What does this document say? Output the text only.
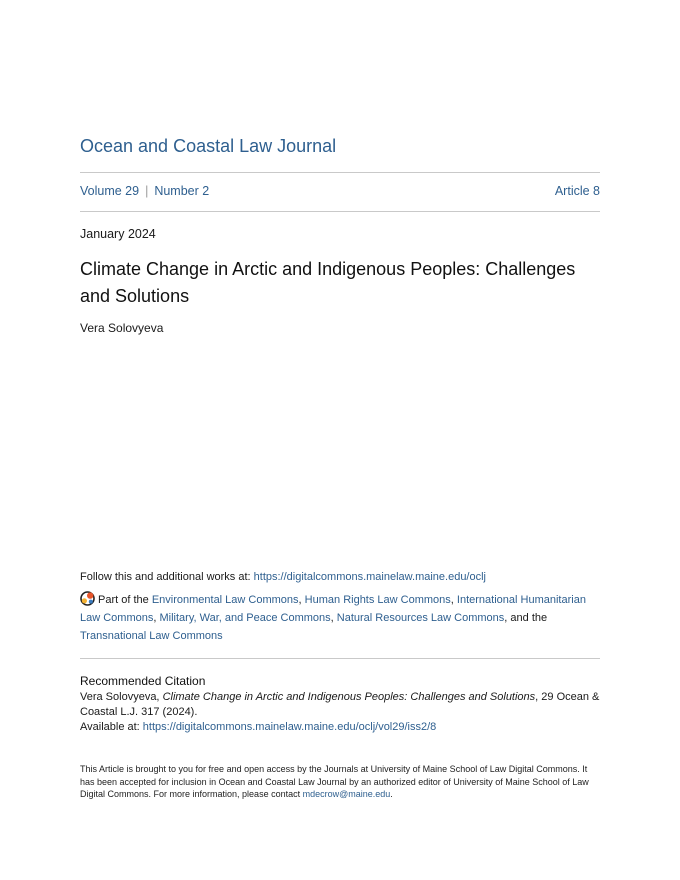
Ocean and Coastal Law Journal
Volume 29 | Number 2	Article 8
January 2024
Climate Change in Arctic and Indigenous Peoples: Challenges and Solutions
Vera Solovyeva
Follow this and additional works at: https://digitalcommons.mainelaw.maine.edu/oclj
Part of the Environmental Law Commons, Human Rights Law Commons, International Humanitarian Law Commons, Military, War, and Peace Commons, Natural Resources Law Commons, and the Transnational Law Commons
Recommended Citation
Vera Solovyeva, Climate Change in Arctic and Indigenous Peoples: Challenges and Solutions, 29 Ocean & Coastal L.J. 317 (2024).
Available at: https://digitalcommons.mainelaw.maine.edu/oclj/vol29/iss2/8
This Article is brought to you for free and open access by the Journals at University of Maine School of Law Digital Commons. It has been accepted for inclusion in Ocean and Coastal Law Journal by an authorized editor of University of Maine School of Law Digital Commons. For more information, please contact mdecrow@maine.edu.
